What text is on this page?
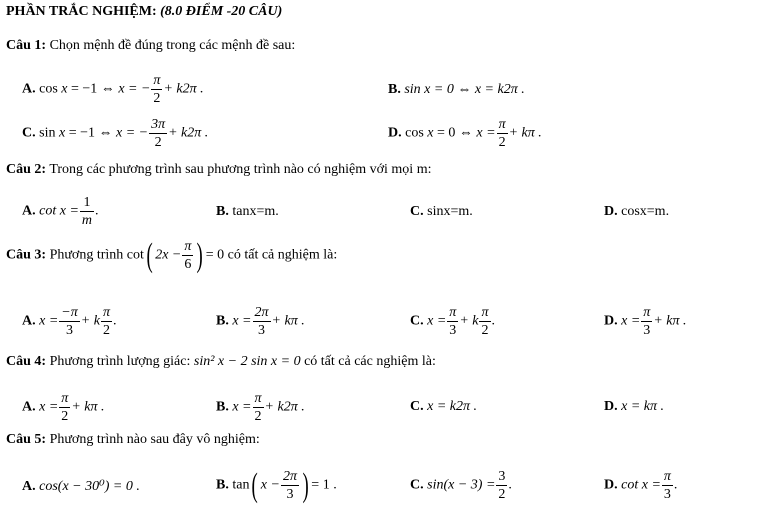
PHẦN TRẮC NGHIỆM: (8.0 ĐIỂM -20 CÂU)
Câu 1: Chọn mệnh đề đúng trong các mệnh đề sau:
A. cos x = −1 ⇔ x = − $\frac{\pi}{2} + k2\pi$ .	B. sin x = 0 ⇔ x = k2π .
C. sin x = −1 ⇔ x = − $\frac{3\pi}{2} + k2\pi$ .	D. cos x = 0 ⇔ $x = \frac{\pi}{2} + k\pi$ .
Câu 2: Trong các phương trình sau phương trình nào có nghiệm với mọi m:
A. $\cot x = \frac{1}{m}$ .	B. tanx=m.	C. sinx=m.	D. cosx=m.
Câu 3: Phương trình cot( $2x - \frac{\pi}{6}$ ) = 0 có tất cả nghiệm là:
A. $x = \frac{-\pi}{3} + k \frac{\pi}{2}$ .	B. $x = \frac{2\pi}{3} + k\pi$ .	C. $x = \frac{\pi}{3} + k \frac{\pi}{2}$ .	D. $x = \frac{\pi}{3} + k\pi$ .
Câu 4: Phương trình lượng giác: sin² x − 2 sin x = 0 có tất cả các nghiệm là:
A. $x = \frac{\pi}{2} + k\pi$ .	B. $x = \frac{\pi}{2} + k2\pi$ .	C. x = k2π .	D. x = kπ .
Câu 5: Phương trình nào sau đây vô nghiệm:
A. cos(x − 30⁰) = 0 .	B. tan( $x - \frac{2\pi}{3}$ ) = 1 .	C. $\sin(x - 3) = \frac{3}{2}$ .	D. $\cot x = \frac{\pi}{3}$ .
